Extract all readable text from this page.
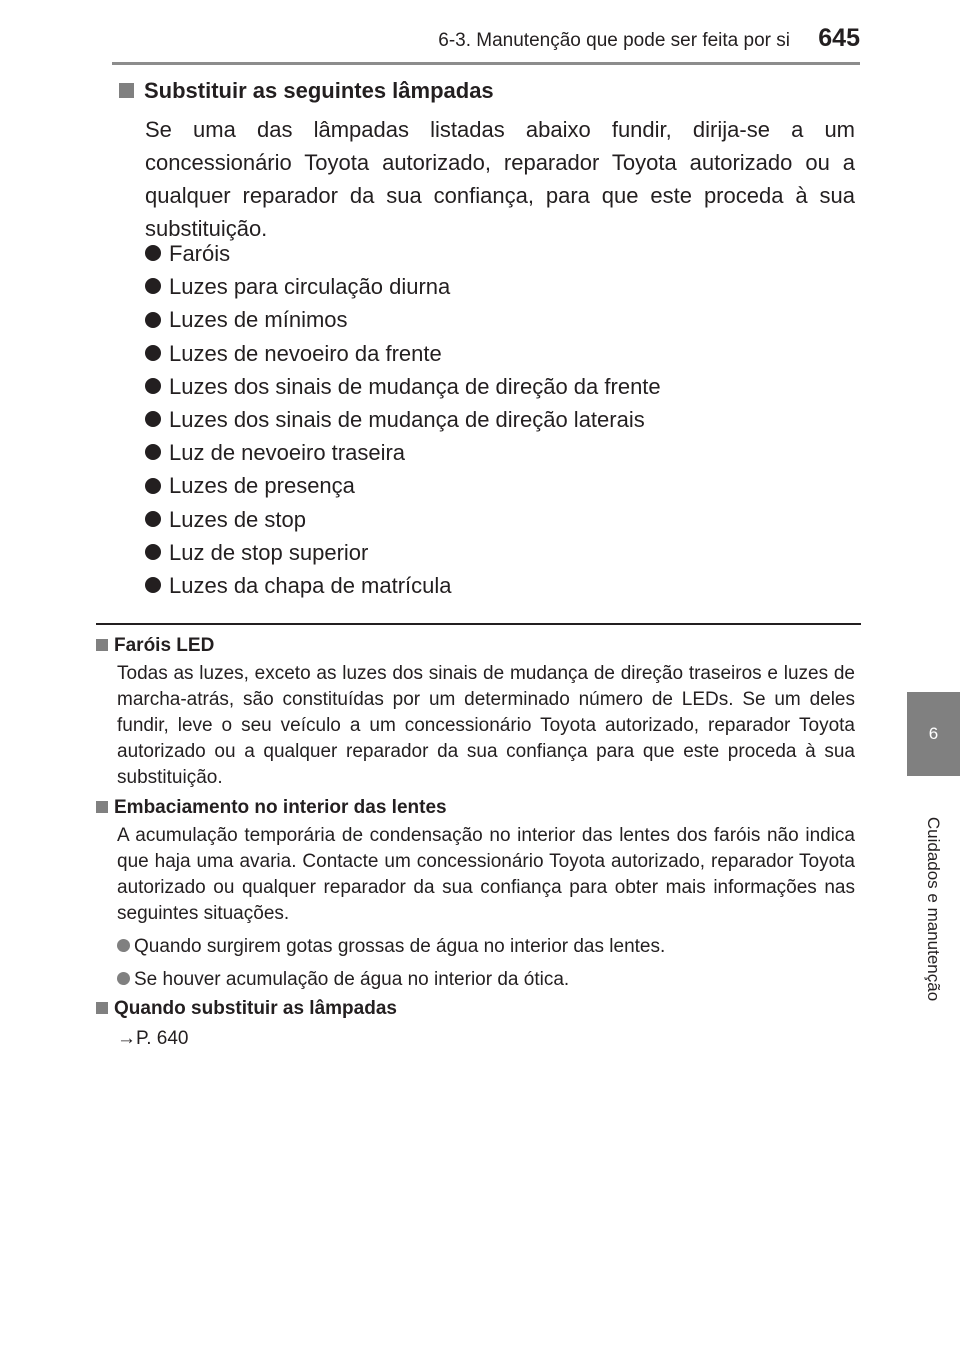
6-3. Manutenção que pode ser feita por si 645
6
Cuidados e manutenção
Substituir as seguintes lâmpadas

Se uma das lâmpadas listadas abaixo fundir, dirija-se a um concessionário Toyota autorizado, reparador Toyota autorizado ou a qualquer reparador da sua confiança, para que este proceda à sua substituição.

Faróis
Luzes para circulação diurna
Luzes de mínimos
Luzes de nevoeiro da frente
Luzes dos sinais de mudança de direção da frente
Luzes dos sinais de mudança de direção laterais
Luz de nevoeiro traseira
Luzes de presença
Luzes de stop
Luz de stop superior
Luzes da chapa de matrícula
Faróis LED
Todas as luzes, exceto as luzes dos sinais de mudança de direção traseiros e luzes de marcha-atrás, são constituídas por um determinado número de LEDs. Se um deles fundir, leve o seu veículo a um concessionário Toyota autorizado, reparador Toyota autorizado ou a qualquer reparador da sua confiança para que este proceda à sua substituição.
Embaciamento no interior das lentes
A acumulação temporária de condensação no interior das lentes dos faróis não indica que haja uma avaria. Contacte um concessionário Toyota autorizado, reparador Toyota autorizado ou qualquer reparador da sua confiança para obter mais informações nas seguintes situações.
Quando surgirem gotas grossas de água no interior das lentes.
Se houver acumulação de água no interior da ótica.
Quando substituir as lâmpadas
→P. 640
